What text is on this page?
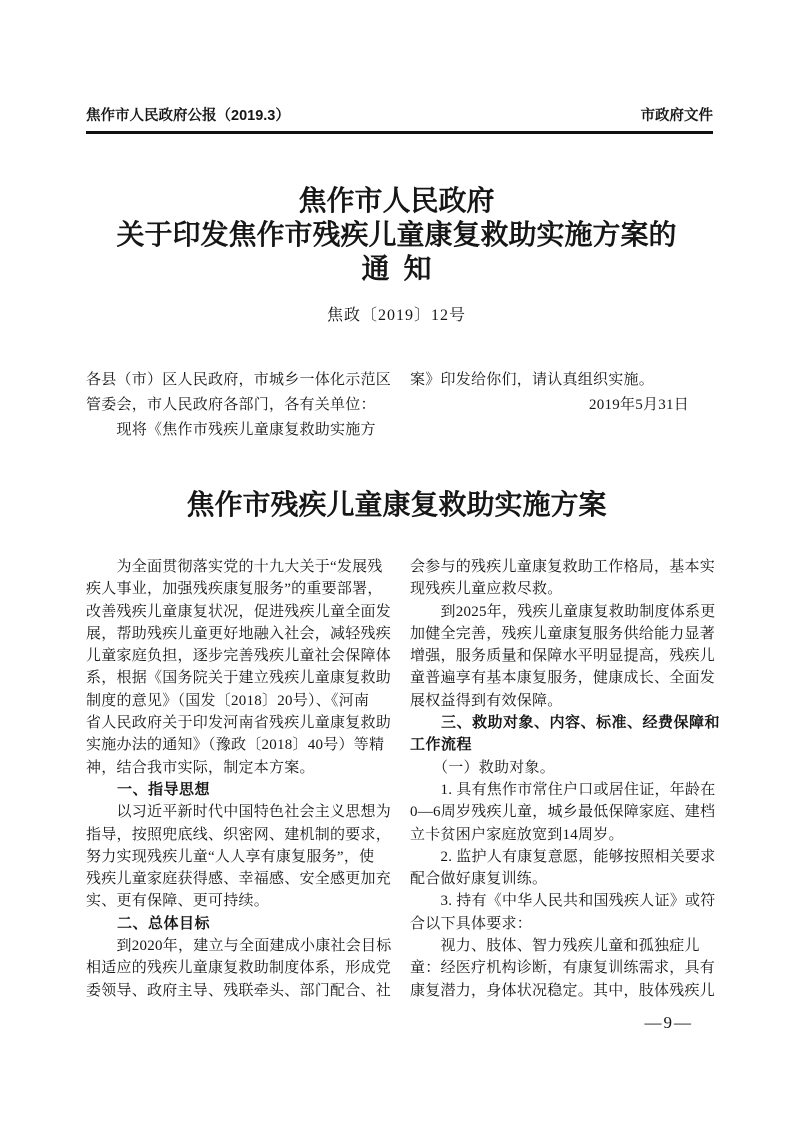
焦作市人民政府公报（2019.3）	市政府文件
焦作市人民政府
关于印发焦作市残疾儿童康复救助实施方案的
通  知
焦政〔2019〕12号
各县（市）区人民政府，市城乡一体化示范区
管委会，市人民政府各部门，各有关单位：
　　现将《焦作市残疾儿童康复救助实施方
案》印发给你们，请认真组织实施。
2019年5月31日
焦作市残疾儿童康复救助实施方案
　　为全面贯彻落实党的十九大关于“发展残
疾人事业，加强残疾康复服务”的重要部署，
改善残疾儿童康复状况，促进残疾儿童全面发
展，帮助残疾儿童更好地融入社会，减轻残疾
儿童家庭负担，逐步完善残疾儿童社会保障体
系，根据《国务院关于建立残疾儿童康复救助
制度的意见》（国发〔2018〕20号）、《河南
省人民政府关于印发河南省残疾儿童康复救助
实施办法的通知》（豫政〔2018〕40号）等精
神，结合我市实际，制定本方案。
　　一、指导思想
　　以习近平新时代中国特色社会主义思想为
指导，按照兜底线、织密网、建机制的要求，
努力实现残疾儿童“人人享有康复服务”，使
残疾儿童家庭获得感、幸福感、安全感更加充
实、更有保障、更可持续。
　　二、总体目标
　　到2020年，建立与全面建成小康社会目标
相适应的残疾儿童康复救助制度体系，形成党
委领导、政府主导、残联牵头、部门配合、社
会参与的残疾儿童康复救助工作格局，基本实
现残疾儿童应救尽救。
　　到2025年，残疾儿童康复救助制度体系更
加健全完善，残疾儿童康复服务供给能力显著
增强，服务质量和保障水平明显提高，残疾儿
童普遍享有基本康复服务，健康成长、全面发
展权益得到有效保障。
　　三、救助对象、内容、标准、经费保障和
工作流程
　　（一）救助对象。
　　1. 具有焦作市常住户口或居住证，年龄在
0—6周岁残疾儿童，城乡最低保障家庭、建档
立卡贫困户家庭放宽到14周岁。
　　2. 监护人有康复意愿，能够按照相关要求
配合做好康复训练。
　　3. 持有《中华人民共和国残疾人证》或符
合以下具体要求：
　　视力、肢体、智力残疾儿童和孤独症儿
童：经医疗机构诊断，有康复训练需求，具有
康复潜力，身体状况稳定。其中，肢体残疾儿
—9—
